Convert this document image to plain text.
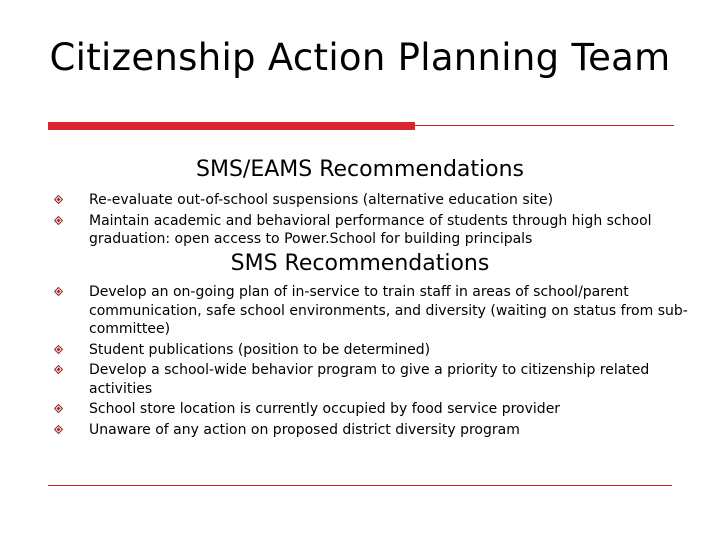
Citizenship Action Planning Team
SMS/EAMS Recommendations
Re-evaluate out-of-school suspensions (alternative education site)
Maintain academic and behavioral performance of students through high school graduation: open access to Power.School for building principals
SMS Recommendations
Develop an on-going plan of in-service to train staff in areas of school/parent communication, safe school environments, and diversity (waiting on status from sub-committee)
Student publications (position to be determined)
Develop a school-wide behavior program to give a priority to citizenship related activities
School store location is currently occupied by food service provider
Unaware of any action on proposed district diversity program
